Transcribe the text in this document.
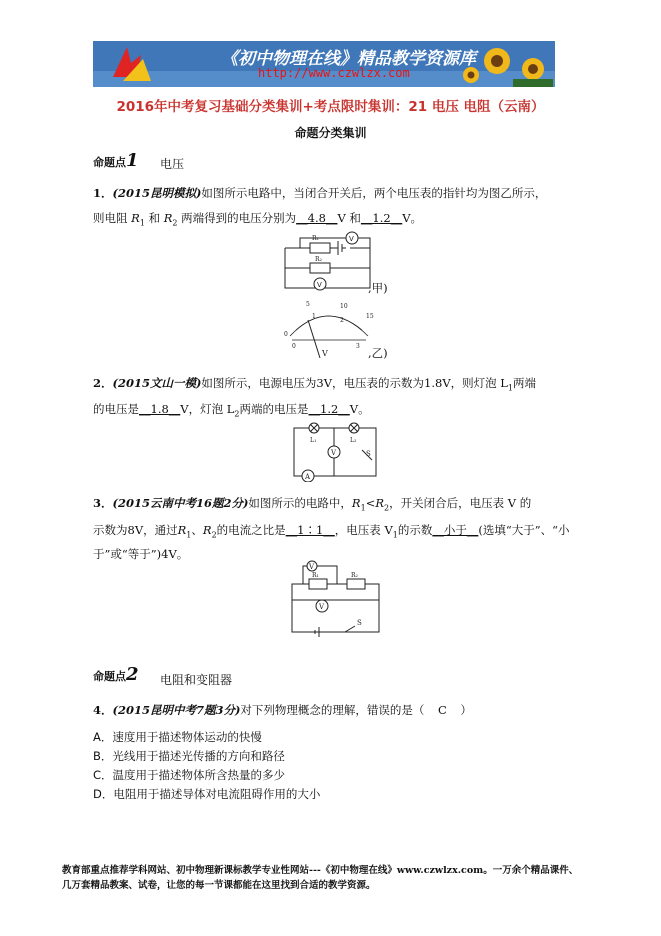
《初中物理在线》精品教学资源库
http://www.czwlzx.com
2016年中考复习基础分类集训+考点限时集训：21 电压 电阻（云南）
命题分类集训
命题点1 电压
1．(2015昆明模拟)如图所示电路中，当闭合开关后，两个电压表的指针均为图乙所示，
则电阻 $R_1$ 和 $R_2$ 两端得到的电压分别为__4.8__V 和__1.2__V。
R₁
R₂
V
V	,甲)
0
5	10
15
0
1
2
3
V	,乙)
2．(2015文山一模)如图所示，电源电压为3V，电压表的示数为1.8V，则灯泡 $L_1$两端
的电压是__1.8__V，灯泡 $L_2$两端的电压是__1.2__V。
V
A
L₁	L₂
S
3．(2015云南中考16题2分)如图所示的电路中，$R_1<R_2$，开关闭合后，电压表 V 的
示数为8V，通过$R_1$、$R_2$的电流之比是__1∶1__，电压表 $V_1$的示数__小于__(选填“大于”、“小
于”或“等于”)4V。
V
V
R₁	R₂
S
命题点2 电阻和变阻器
4．(2015昆明中考7题3分)对下列物理概念的理解，错误的是（ C ）
A．速度用于描述物体运动的快慢
B．光线用于描述光传播的方向和路径
C．温度用于描述物体所含热量的多少
D．电阻用于描述导体对电流阻碍作用的大小
教育部重点推荐学科网站、初中物理新课标教学专业性网站---《初中物理在线》www.czwlzx.com。一万余个精品课件、
几万套精品教案、试卷，让您的每一节课都能在这里找到合适的教学资源。
